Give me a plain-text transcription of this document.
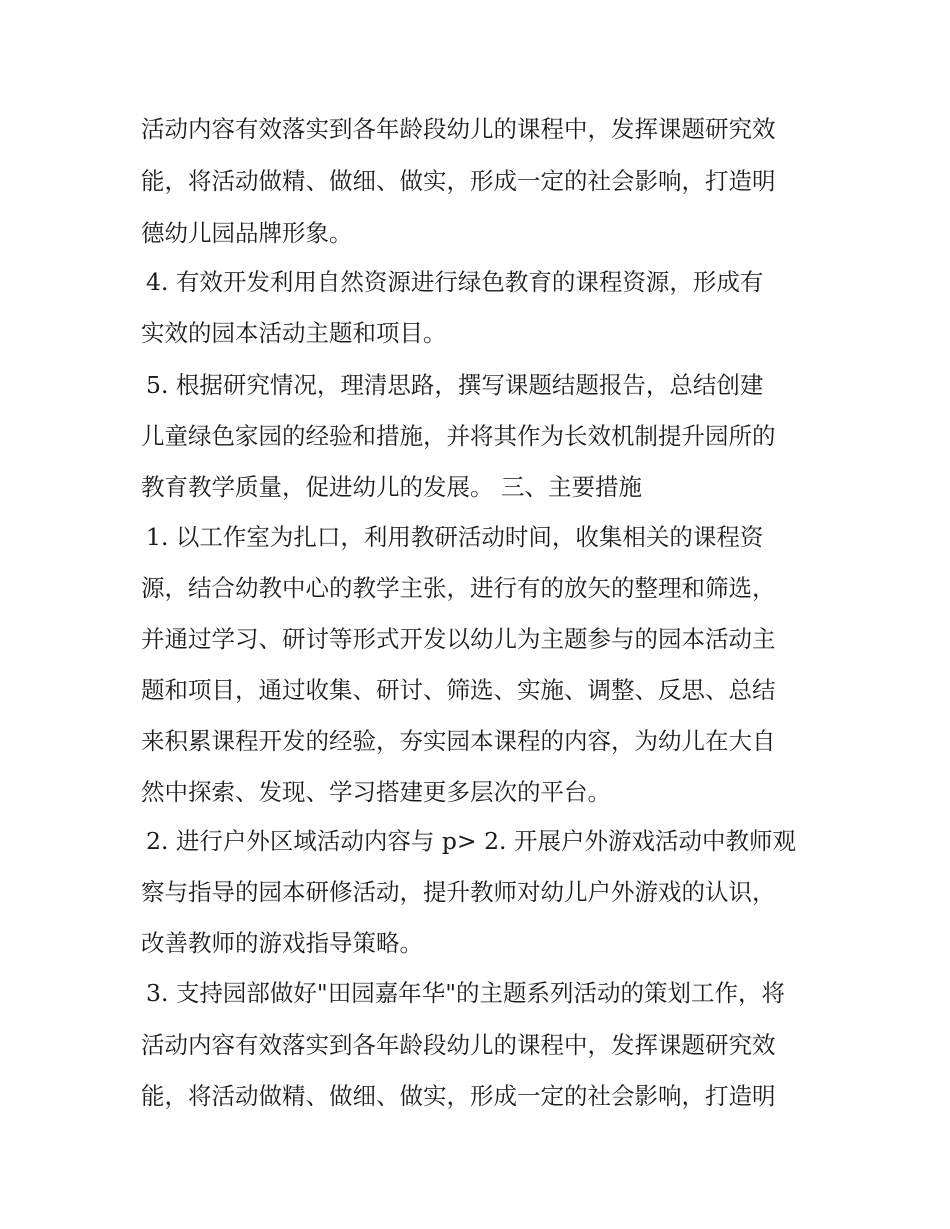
活动内容有效落实到各年龄段幼儿的课程中，发挥课题研究效
能，将活动做精、做细、做实，形成一定的社会影响，打造明
德幼儿园品牌形象。
4. 有效开发利用自然资源进行绿色教育的课程资源，形成有
实效的园本活动主题和项目。
5. 根据研究情况，理清思路，撰写课题结题报告，总结创建
儿童绿色家园的经验和措施，并将其作为长效机制提升园所的
教育教学质量，促进幼儿的发展。 三、主要措施
1. 以工作室为扎口，利用教研活动时间，收集相关的课程资
源，结合幼教中心的教学主张，进行有的放矢的整理和筛选，
并通过学习、研讨等形式开发以幼儿为主题参与的园本活动主
题和项目，通过收集、研讨、筛选、实施、调整、反思、总结
来积累课程开发的经验，夯实园本课程的内容，为幼儿在大自
然中探索、发现、学习搭建更多层次的平台。
2. 进行户外区域活动内容与 p> 2. 开展户外游戏活动中教师观
察与指导的园本研修活动，提升教师对幼儿户外游戏的认识，
改善教师的游戏指导策略。
3. 支持园部做好"田园嘉年华"的主题系列活动的策划工作，将
活动内容有效落实到各年龄段幼儿的课程中，发挥课题研究效
能，将活动做精、做细、做实，形成一定的社会影响，打造明
